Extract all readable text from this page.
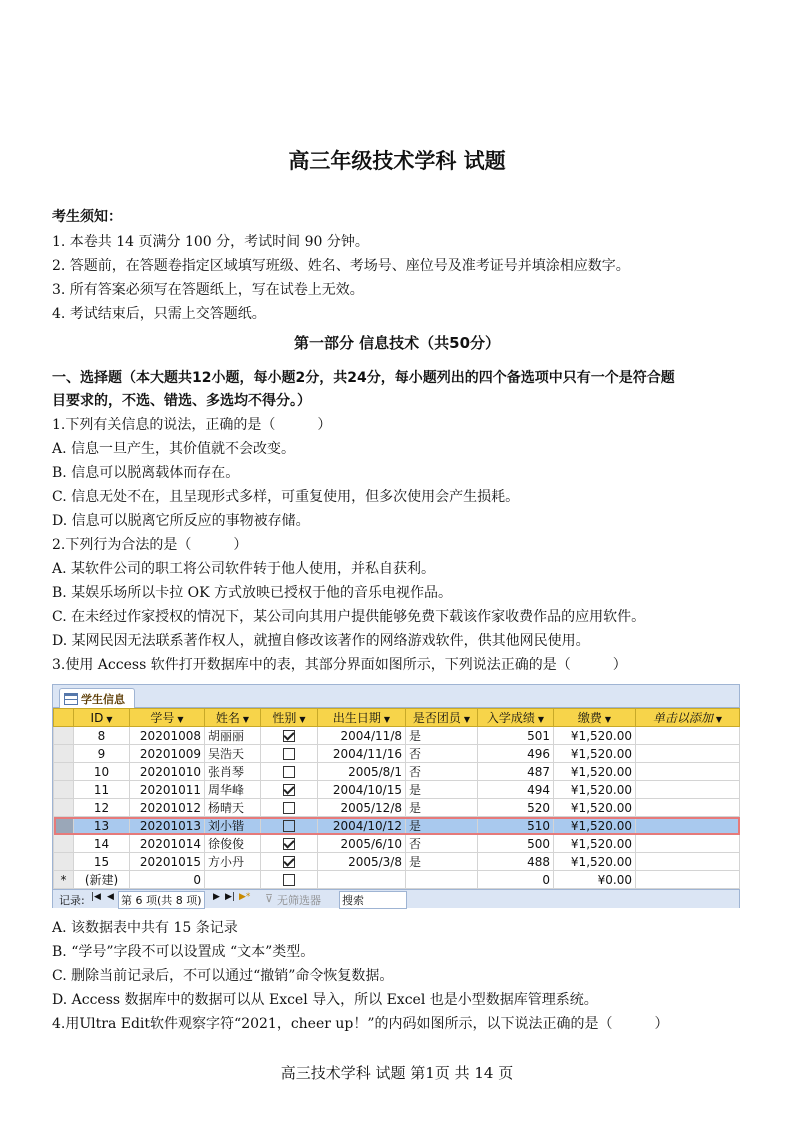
高三年级技术学科 试题
考生须知：
1. 本卷共 14 页满分 100 分，考试时间 90 分钟。
2. 答题前，在答题卷指定区域填写班级、姓名、考场号、座位号及准考证号并填涂相应数字。
3. 所有答案必须写在答题纸上，写在试卷上无效。
4. 考试结束后，只需上交答题纸。
第一部分 信息技术（共50分）
一、选择题（本大题共12小题，每小题2分，共24分，每小题列出的四个备选项中只有一个是符合题
目要求的，不选、错选、多选均不得分。）
1.下列有关信息的说法，正确的是（　　　）
A. 信息一旦产生，其价值就不会改变。
B. 信息可以脱离载体而存在。
C. 信息无处不在，且呈现形式多样，可重复使用，但多次使用会产生损耗。
D. 信息可以脱离它所反应的事物被存储。
2.下列行为合法的是（　　　）
A. 某软件公司的职工将公司软件转于他人使用，并私自获利。
B. 某娱乐场所以卡拉 OK 方式放映已授权于他的音乐电视作品。
C. 在未经过作家授权的情况下，某公司向其用户提供能够免费下载该作家收费作品的应用软件。
D. 某网民因无法联系著作权人，就擅自修改该著作的网络游戏软件，供其他网民使用。
3.使用 Access 软件打开数据库中的表，其部分界面如图所示，下列说法正确的是（　　　）
学生信息
	ID ▼	学号 ▼	姓名 ▼	性别 ▼	出生日期 ▼	是否团员 ▼	入学成绩 ▼	缴费 ▼	单击以添加 ▼
	8	20201008	胡丽丽		2004/11/8	是	501	¥1,520.00	
	9	20201009	吴浩天		2004/11/16	否	496	¥1,520.00	
	10	20201010	张肖琴		2005/8/1	否	487	¥1,520.00	
	11	20201011	周华峰		2004/10/15	是	494	¥1,520.00	
	12	20201012	杨晴天		2005/12/8	是	520	¥1,520.00	
	13	20201013	刘小锴		2004/10/12	是	510	¥1,520.00	
	14	20201014	徐俊俊		2005/6/10	否	500	¥1,520.00	
	15	20201015	方小丹		2005/3/8	是	488	¥1,520.00	
*	(新建)	0					0	¥0.00	
记录: |◀ ◀ 第 6 项(共 8 项)	▶ ▶| ▶* ⊽ 无筛选器 搜索
A. 该数据表中共有 15 条记录
B. “学号”字段不可以设置成 “文本”类型。
C. 删除当前记录后，不可以通过“撤销”命令恢复数据。
D. Access 数据库中的数据可以从 Excel 导入，所以 Excel 也是小型数据库管理系统。
4.用Ultra Edit软件观察字符“2021，cheer up！”的内码如图所示，以下说法正确的是（　　　）
高三技术学科 试题 第1页 共 14 页
